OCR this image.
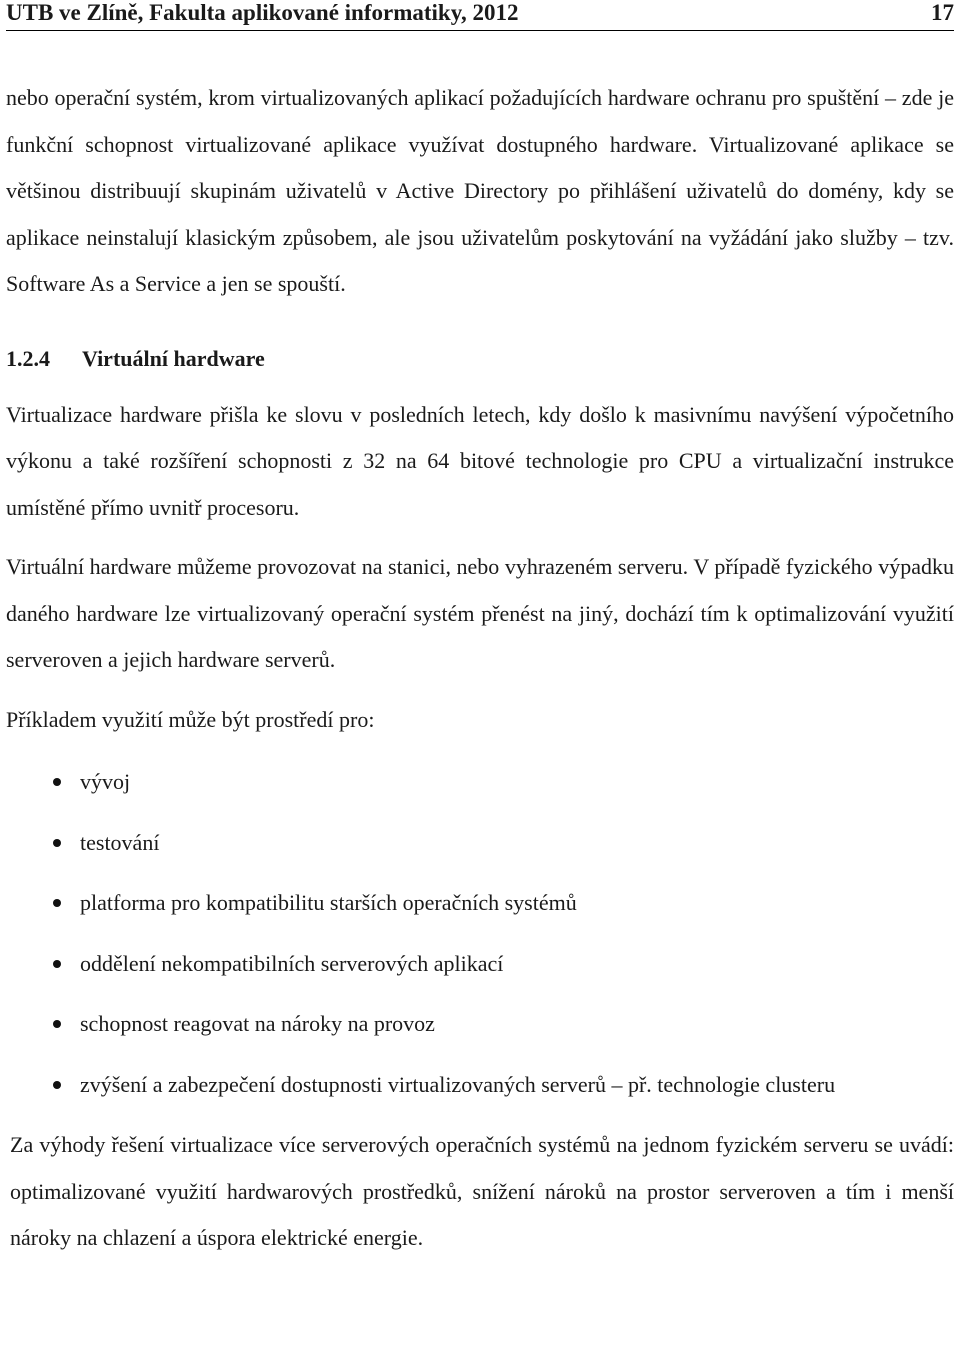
UTB ve Zlíně, Fakulta aplikované informatiky, 2012	17

nebo operační systém, krom virtualizovaných aplikací požadujících hardware ochranu pro spuštění – zde je funkční schopnost virtualizované aplikace využívat dostupného hardware. Virtualizované aplikace se většinou distribuují skupinám uživatelů v Active Directory po přihlášení uživatelů do domény, kdy se aplikace neinstalují klasickým způsobem, ale jsou uživatelům poskytování na vyžádání jako služby – tzv. Software As a Service a jen se spouští.

1.2.4	Virtuální hardware

Virtualizace hardware přišla ke slovu v posledních letech, kdy došlo k masivnímu navýšení výpočetního výkonu a také rozšíření schopnosti z 32 na 64 bitové technologie pro CPU a virtualizační instrukce umístěné přímo uvnitř procesoru.

Virtuální hardware můžeme provozovat na stanici, nebo vyhrazeném serveru. V případě fyzického výpadku daného hardware lze virtualizovaný operační systém přenést na jiný, dochází tím k optimalizování využití serveroven a jejich hardware serverů.

Příkladem využití může být prostředí pro:

vývoj
testování
platforma pro kompatibilitu starších operačních systémů
oddělení nekompatibilních serverových aplikací
schopnost reagovat na nároky na provoz
zvýšení a zabezpečení dostupnosti virtualizovaných serverů – př. technologie clusteru

Za výhody řešení virtualizace více serverových operačních systémů na jednom fyzickém serveru se uvádí: optimalizované využití hardwarových prostředků, snížení nároků na prostor serveroven a tím i menší nároky na chlazení a úspora elektrické energie.
